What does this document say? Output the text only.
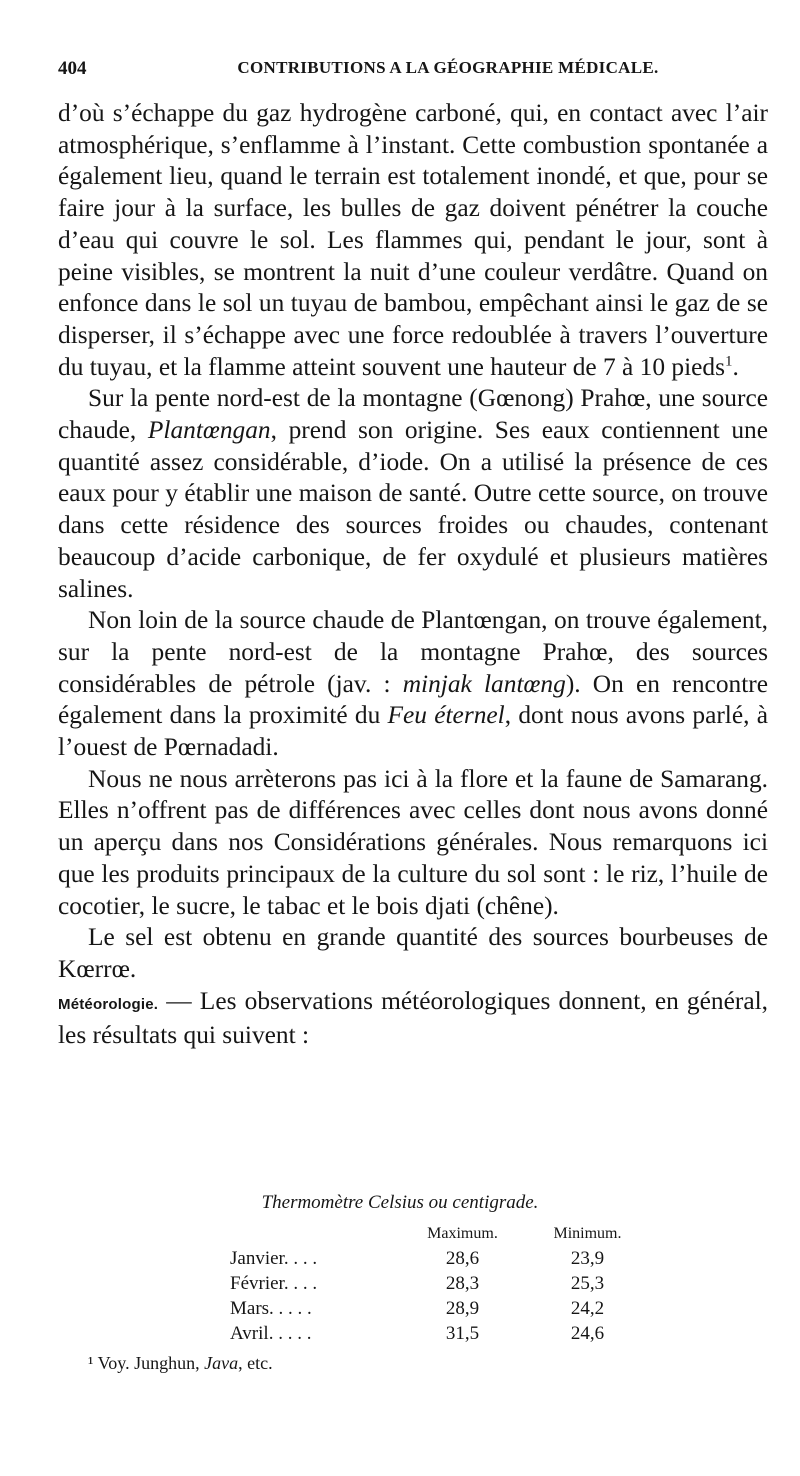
404	CONTRIBUTIONS A LA GÉOGRAPHIE MÉDICALE.

d’où s’échappe du gaz hydrogène carboné, qui, en contact avec l’air atmosphérique, s’enflamme à l’instant. Cette combustion spontanée a également lieu, quand le terrain est totalement inondé, et que, pour se faire jour à la surface, les bulles de gaz doivent pénétrer la couche d’eau qui couvre le sol. Les flammes qui, pendant le jour, sont à peine visibles, se montrent la nuit d’une couleur verdâtre. Quand on enfonce dans le sol un tuyau de bambou, empêchant ainsi le gaz de se disperser, il s’échappe avec une force redoublée à travers l’ouverture du tuyau, et la flamme atteint souvent une hauteur de 7 à 10 pieds$^1$.

Sur la pente nord-est de la montagne (Gœnong) Prahœ, une source chaude, Plantœngan, prend son origine. Ses eaux contiennent une quantité assez considérable, d’iode. On a utilisé la présence de ces eaux pour y établir une maison de santé. Outre cette source, on trouve dans cette résidence des sources froides ou chaudes, contenant beaucoup d’acide carbonique, de fer oxydulé et plusieurs matières salines.

Non loin de la source chaude de Plantœngan, on trouve également, sur la pente nord-est de la montagne Prahœ, des sources considérables de pétrole (jav. : minjak lantœng). On en rencontre également dans la proximité du Feu éternel, dont nous avons parlé, à l’ouest de Pœrnadadi.

Nous ne nous arrèterons pas ici à la flore et la faune de Samarang. Elles n’offrent pas de différences avec celles dont nous avons donné un aperçu dans nos Considérations générales. Nous remarquons ici que les produits principaux de la culture du sol sont : le riz, l’huile de cocotier, le sucre, le tabac et le bois djati (chêne).

Le sel est obtenu en grande quantité des sources bourbeuses de Kœrrœ.

Météorologie. — Les observations météorologiques donnent, en général, les résultats qui suivent :

Thermomètre Celsius ou centigrade.
	Maximum.	Minimum.
Janvier. . . .	28,6	23,9
Février. . . .	28,3	25,3
Mars. . . . .	28,9	24,2
Avril. . . . .	31,5	24,6
¹ Voy. Junghun, Java, etc.
